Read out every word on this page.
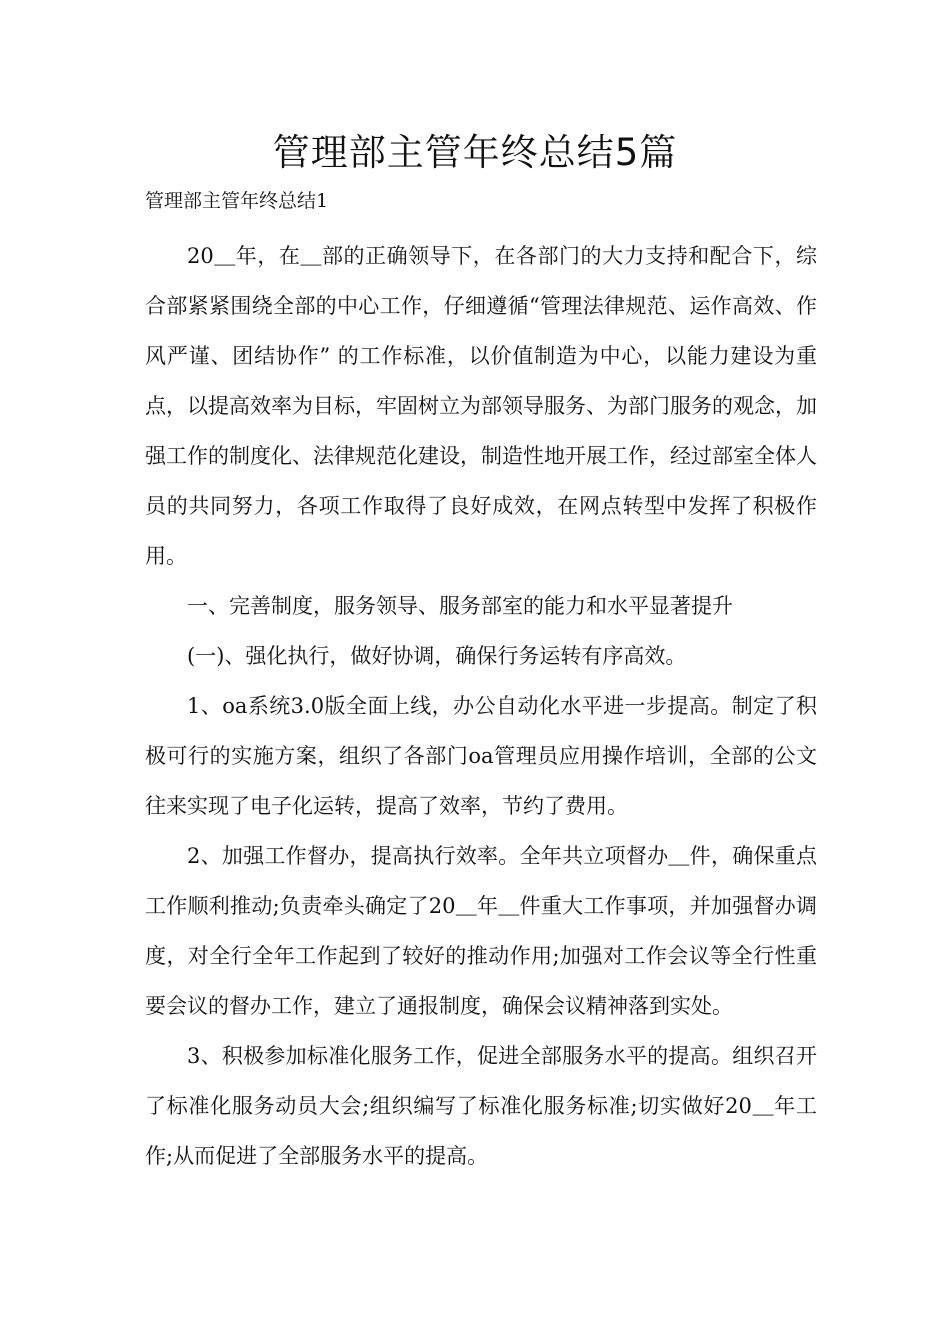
管理部主管年终总结5篇

管理部主管年终总结1

20＿年，在＿部的正确领导下，在各部门的大力支持和配合下，综合部紧紧围绕全部的中心工作，仔细遵循“管理法律规范、运作高效、作风严谨、团结协作” 的工作标准，以价值制造为中心，以能力建设为重点，以提高效率为目标，牢固树立为部领导服务、为部门服务的观念，加强工作的制度化、法律规范化建设，制造性地开展工作，经过部室全体人员的共同努力，各项工作取得了良好成效，在网点转型中发挥了积极作用。

一、完善制度，服务领导、服务部室的能力和水平显著提升

(一)、强化执行，做好协调，确保行务运转有序高效。

1、oa系统3.0版全面上线，办公自动化水平进一步提高。制定了积极可行的实施方案，组织了各部门oa管理员应用操作培训，全部的公文往来实现了电子化运转，提高了效率，节约了费用。

2、加强工作督办，提高执行效率。全年共立项督办＿件，确保重点工作顺利推动;负责牵头确定了20＿年＿件重大工作事项，并加强督办调度，对全行全年工作起到了较好的推动作用;加强对工作会议等全行性重要会议的督办工作，建立了通报制度，确保会议精神落到实处。

3、积极参加标准化服务工作，促进全部服务水平的提高。组织召开了标准化服务动员大会;组织编写了标准化服务标准;切实做好20＿年工作;从而促进了全部服务水平的提高。
